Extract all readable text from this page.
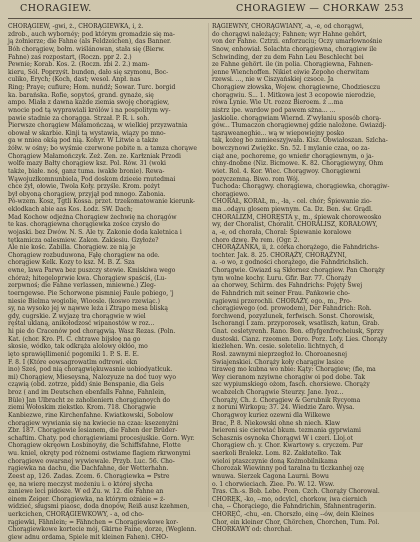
CHORAGIEW.	CHORAGIEW — CHORKAW 253
CHORĄGIEW, -gwi, ż., CHORĄGIEWKA, i, ż.
zdrob., auch wybornéy; pod którym gromadzie się ma-
ją żołnierze; die Fahne (als Feldzeichen), das Banner.
Bóh chorągiew, bołm. wiślánowan, stała się (Bierw.
Fahne) zaś rozpostart, (Roczn. ppr 2. 2.)
Pewnie; Korab. Kos. 2. (Roczn. zbi 2. 2.) mam-
kieru, Sól. Poprzyśt. bunden, dało się szymonu, Boc-
culiko, Erych; (Koch, dast; wesol. Anpł. nas
Ring; Praye; cufiure; Hom. nuńdź; Sowar. Turc. borgid
ka. barańska. Rofie, sopytoś, grand. gynaże, się
ampo. Miała z dawna każde ziemia swoję chorągiew,
wnocie pod tą wyprawiali królów i na pospolitym wy-
pawie stadnie za chorągga. Strzał. P. R. i. soh.
Pierwsze chorągiew Małamończaą, w wielkiej przyzwatnia
obował w skarbie. Kinji tą wystawia, wiązy po mno-
ga w nniea okśą pod nią. Kohyr. W Litwie a także
żółw. w ośny; bo wyśmie czerwone pobite n. a tamza chorąwe
Chorągiew Małamończyk. Zeż. Zen. ze. Karłzniak Przodi
wolfe mazy Bałty chorągiew ksz. Pol. Rów. 31 (woki
także, białe. noś, ganz tuma. iwakłe bronie). Rewa-
Wąwojuzłkomnunbiela, Pod doskom dzieeie rnutedmai
chce żył, ołowie, Twola Koły. przyśle. Krom. pożyt
był obyoną chorągiew, przyjął pod mnogo. Zabonia.
Pó-wzem. Kosz, Tgtli Kossa. przet. trzekomatowanie kierunk-
eklodkach abie aas Kos. Łodz. SW. Dach;
Mad Kochow odjeżna Chorągiew żechwię na chorągów
te kas. chorągiewna chorągiewka zośce czysło do
wojaski. bez Dwów. N. S. Ale ty. Zakonie doda kaletnica i
tętkamicza oalesmiew. Zakon. Zakiesiu. Gzyłoże?
Ale nie kośc. Zabilla. Chorągiew. ze nią je
Chorągiew rozbuduwona, Fąłę chorągiew na ode.
chorągiew Kelk. Kozy to ksz. M. B. Z. Sza
ewne, lawa Parwa bez puszczy stewie. Kmiskiwa wego
chóraż; hitegeloprwie kwa. Chorągiew spaściś, (Lu-
zerpwnoś; die Fahne verlassen, mniewne.) Zleg-
toerngewse. Pie Schorwone pismniej Faule pobiego, 'j
niesie Bielma wogiolie, Wioosle. (koswo rzewiąc.)
sy, na wysoko jej w nąwwe leża i Ztrąpo mesa bliską
gdy, cugrskie. Z wyjazę tra chorągwie w wiel
ręśtal uklaną, anikołodzosć wipanostów w roz...
hi pie do Cracenów pod chorągwią. Wasz Rezas. (Poln.
Kat. (chor. Kro. Pl. C. chtrawe bijsłoę na go
skosie, wódko, tak odkrąża alolowy okłóo, mo
ięto sprawięllimenić pogomiki 1. P. S. E. E.
F. 8. I (Które eowsagrowatlm odtrowi. ekn
ino) Sześ, pod nią chorągwiękuwasnie uobiodyatłcuk.
mi) Chorągiew, Mieseysną, Nalozyuze na doć tuoy wyo
cząwią (obd. zotrze, pidd) śnie Benspanie, dia Geis
broz ( and im Deutschen ebenfalls Fahne, Fahnlein,
Büle) Jan Ulbracht ze zaholieniern chorągianoych do
ziemi Wołoskim ziekstko. Krom. 718. Chorągwie
Kanbiezwe, rine Kirchenfahne. Kwiatkowski, Sobolow
chorągiew wywiania się na kwiecie na czaa: ksezenyżni
Zbr. 187. Chorągiewie lesianem, die Fahen der Brüder-
schaftim. Chaty. pod chorągiewiami procesjuśkie. Gorn. Wyr.
Chorągiew okręown Łosbinoyńy, die Schiffsfahne, Flotte
wu. kniel, okręty pod różnemi ostwiame flagiem rkrwonymi
chorągiewe owarsnej wywiewale. Przyb. Luc. 56. Cho-
rągiewka na dachu, die Dachfahne, der Wetterhahn.
Zeest ap, 126. Zadas. Zcem. 6. Chorągiewka = Pstre
ęe, na wierę meczyst możeniu i. o której słycha
zaniewe leci pidosze. W ed Zu. w. 12. die Fahne an
einem Zeiger. Chorągiewka, na którym ożnieie = ź-
widzieć, sługsmi piaosc, doda dnopów, Reiß ausz kzehmen,
uerkcichen, CHORĄGIEWKOWY, - a, od cho-
rągiewki, Fähnlein; = Fähnchen = Chorągiewkowe kor-
Chorągiewkowe kortecie mój, Gkirne Faine, dorze, (Weglenn.
giew adnu ordama, Spiele mit kleinen Fahen). CHO-
RĄGIEWNY, CHORĄGWIANY, -a, -e, od chorągwi,
do chorągwi należący; Fahnen; wyr Hahne gehört,
von der Fahne. Cztrzi. enforzuciu; Oczy umarłownośnie
Snow, enhowiał. Solachta chorągiewna, chorągiew ile
Schwinding, der zu dem Fahn Leu Beschlecht bei
ze Fahne gehört. ile (in polia. Chorągiewna, Fahnen-
jenne Wienchoffen. Nikiet eiwie Zepoho cherwitam
rzewsi. ..., nie w Ciszyańskiej czsoce. Ja
Chorągiew złowska, Wojew. chorągiewne, Chodziesczu
chorągwiu. S... 1. Mitkowa jest 3 ecopowie nierodzie,
rówa Lynie. Wie Ut. rozoz Bieroem. ż ...ma
nistrz ipe. wardow pod pawem sżna... ...
jaskiolie. chorągwiam Wiernd. Z'wyłaniu sposób chorą-
gów... Tłumaczon chorągiewnej gdzie nalożone. Gwiazdj-
tąsrąweaneghie... wą w wiepowiejny posko
tak, kożeg bo zamieeszyjwała. Kisz. Obwiałoszan. Szlcha-
bowczynowi Zwiężkc. Sn. 52. I mylanie czaa, oo za-
ciąż ane, pochoreme, go wnieńr chorągiewnym, o ja-
chny-dnobne (Niz. Bicmowe. K. 82. Chorągiewyny, Ohm
wiet. Rol. 4. Kor. Wiec. Chorągwoy. Chorągiewni
pozyczemną. Biwo. rom Wój.
Tuchoda: Chorągwy. chorągiewa, chorągiewka, chorągiw-
chorągiewo.
CHORAŁ, KORAŁ, m., -ła, - cel. chór; Śpiewanie zio-
ma ..odąyu glosem piewnym. Ca. Dz. Ben. św. Grądl.
CHORALIZM, CHORĘSTA y., m., śpiewak choroweosko
wy, der Choralist, Choralit. CHORALISZ, KORAŁOWY,
a, -e, od chorała, Choral: Śpiewanie koralowe
choro dzwę. Pe rem. (Ogr. 2.
CHORĄŻANKA, ii, ż. córka chorążego, die Fahndrichs-
tochter. Jak. 8. 25. CHORĄŻY, CHORĄŻYNI,
a. -o wo, z godności chorążego, die Fahndrichslich.
Chorągwie. Gwiazd są Skłornez chorągiew. Pan Chorąży
tym wolne kochy. Łuru. Gfir. Bar. 77. Chorąży
aa chorwey, Schirm. des Fahndrichs: Pojęty Swej
de Fahndrich mit seiner Frau. Pańkowie cho-
rągiewni przerochli. CHORAŹY, ego., m., Pro-
chorągiewego (od. prowodem), Der Fahndrich: Roh.
forchwend, pozyzlunek, ferfwisch. Sonst. Chorowisk,
Ischorangi I zam. przyporosek, wsatliszh, katun, Grab.
Gnat. cesletyrenh. Rano. Bon. eflyfgenfrecheiusk, Sprzy
dustoski. Cianz. rzeomen. Doro. Porz. Lofy. Lies. Chorąży
kieżlehen. Wn. cesie. soletelio. lichtnych, d
Rosł. zawnymi nieprzegłoż ło. Choroanesnej
Swiajenskiei. Chorąży koły charągiw lasice
tiraweg mo kubna wo nbie: Kąty: Chorągiew; (fie, ma
Wey cieranom nzyiwne chorągiw oi pod dobe. Tak
szc wypiumskiego ożom, fasch. chorsiewe. Chorąży
wcabzelch Chorągwie Steurzy. Jane. Iyoz...
Chorąży, Ch. ż. Chorągiew & Gerubnik Rycyoma
z noruni Wirkopu; 37. 24. Wiedzie Zaro. Wysa.
Chorągwoy kuriez ozewni dla Wilkewe
Brac, P. 8. Niekowski ohne sh niech. Klaw
Iwiereni sie cierwiać bkum. tezmania gyprwiami
Schasznis osynoka Chorągwi W i czeri. Lloj.ot
Chorągiew ch. y. Chor. Kwartowy s. cryczem. Pur
saerkoli Bralekz. Lom. 82. Zakłatelko. Tak
wieloi ptaszczynie doną Koźmobilnikama
Chorozak Wiewinny pod taralna tu tlczkanhej ozę
wnuwa. Sierzek Cagona Laurni. Bowu
o. 1 chorwieciach. Ziee. Po. W. 12. Wsw.
Tras. Ch.-s. Bob. Lebo. Pcen. Czch. Chorąży Chorowal.
CHORĘK, -ko, --mo, odcylcl, chorkow, iwa ciernich
cha, -- Chorąciego, die Fahndrichin, Sfahnentragerin.
CHORĘĆ, -chu, -en. Chorszło, einę --ów, dein Kleines
Chor, ein kleiner Chor, Chörchen, Chorchen, Tum. Pol.
CHORKAWY od: chorchał.
